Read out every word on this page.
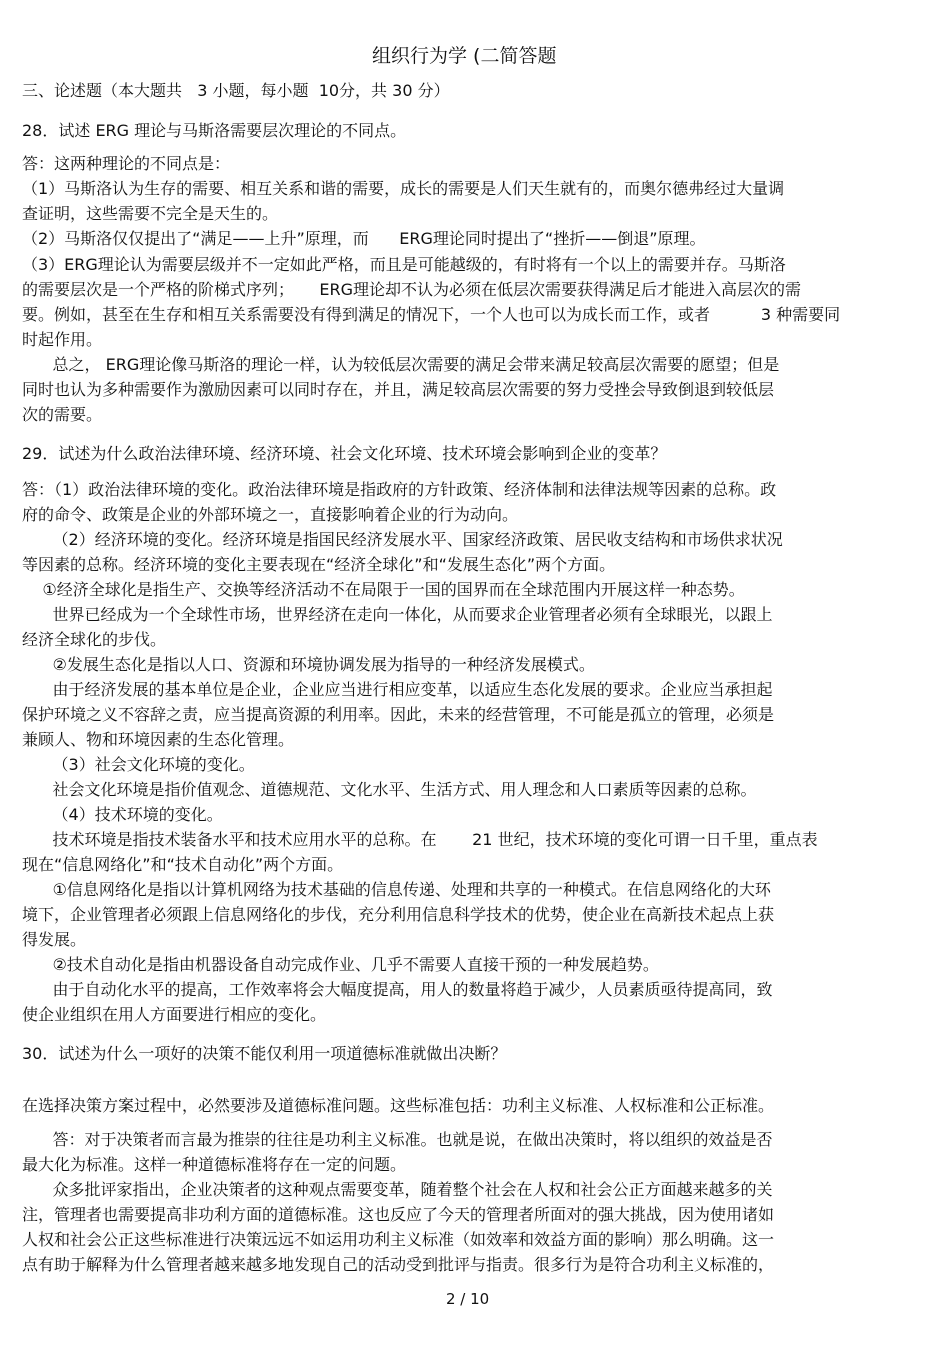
组织行为学 (二简答题
三、论述题（本大题共   3 小题，每小题  10分，共 30 分）
28．试述 ERG 理论与马斯洛需要层次理论的不同点。
答：这两种理论的不同点是：
（1）马斯洛认为生存的需要、相互关系和谐的需要，成长的需要是人们天生就有的，而奥尔德弗经过大量调
查证明，这些需要不完全是天生的。
（2）马斯洛仅仅提出了“满足——上升”原理，而      ERG理论同时提出了“挫折——倒退”原理。
（3）ERG理论认为需要层级并不一定如此严格，而且是可能越级的，有时将有一个以上的需要并存。马斯洛
的需要层次是一个严格的阶梯式序列；     ERG理论却不认为必须在低层次需要获得满足后才能进入高层次的需
要。例如，甚至在生存和相互关系需要没有得到满足的情况下，一个人也可以为成长而工作，或者          3 种需要同
时起作用。
总之， ERG理论像马斯洛的理论一样，认为较低层次需要的满足会带来满足较高层次需要的愿望；但是
同时也认为多种需要作为激励因素可以同时存在，并且，满足较高层次需要的努力受挫会导致倒退到较低层
次的需要。
29．试述为什么政治法律环境、经济环境、社会文化环境、技术环境会影响到企业的变革？
答：（1）政治法律环境的变化。政治法律环境是指政府的方针政策、经济体制和法律法规等因素的总称。政
府的命令、政策是企业的外部环境之一，直接影响着企业的行为动向。
（2）经济环境的变化。经济环境是指国民经济发展水平、国家经济政策、居民收支结构和市场供求状况
等因素的总称。经济环境的变化主要表现在“经济全球化”和“发展生态化”两个方面。
①经济全球化是指生产、交换等经济活动不在局限于一国的国界而在全球范围内开展这样一种态势。
世界已经成为一个全球性市场，世界经济在走向一体化，从而要求企业管理者必须有全球眼光，以跟上
经济全球化的步伐。
②发展生态化是指以人口、资源和环境协调发展为指导的一种经济发展模式。
由于经济发展的基本单位是企业，企业应当进行相应变革，以适应生态化发展的要求。企业应当承担起
保护环境之义不容辞之责，应当提高资源的利用率。因此，未来的经营管理，不可能是孤立的管理，必须是
兼顾人、物和环境因素的生态化管理。
（3）社会文化环境的变化。
社会文化环境是指价值观念、道德规范、文化水平、生活方式、用人理念和人口素质等因素的总称。
（4）技术环境的变化。
技术环境是指技术装备水平和技术应用水平的总称。在       21 世纪，技术环境的变化可谓一日千里，重点表
现在“信息网络化”和“技术自动化”两个方面。
①信息网络化是指以计算机网络为技术基础的信息传递、处理和共享的一种模式。在信息网络化的大环
境下，企业管理者必须跟上信息网络化的步伐，充分利用信息科学技术的优势，使企业在高新技术起点上获
得发展。
②技术自动化是指由机器设备自动完成作业、几乎不需要人直接干预的一种发展趋势。
由于自动化水平的提高，工作效率将会大幅度提高，用人的数量将趋于减少，人员素质亟待提高同，致
使企业组织在用人方面要进行相应的变化。
30．试述为什么一项好的决策不能仅利用一项道德标准就做出决断？
在选择决策方案过程中，必然要涉及道德标准问题。这些标准包括：功利主义标准、人权标准和公正标准。
答：对于决策者而言最为推崇的往往是功利主义标准。也就是说，在做出决策时，将以组织的效益是否
最大化为标准。这样一种道德标准将存在一定的问题。
众多批评家指出，企业决策者的这种观点需要变革，随着整个社会在人权和社会公正方面越来越多的关
注，管理者也需要提高非功利方面的道德标准。这也反应了今天的管理者所面对的强大挑战，因为使用诸如
人权和社会公正这些标准进行决策远远不如运用功利主义标准（如效率和效益方面的影响）那么明确。这一
点有助于解释为什么管理者越来越多地发现自己的活动受到批评与指责。很多行为是符合功利主义标准的，
2 / 10
